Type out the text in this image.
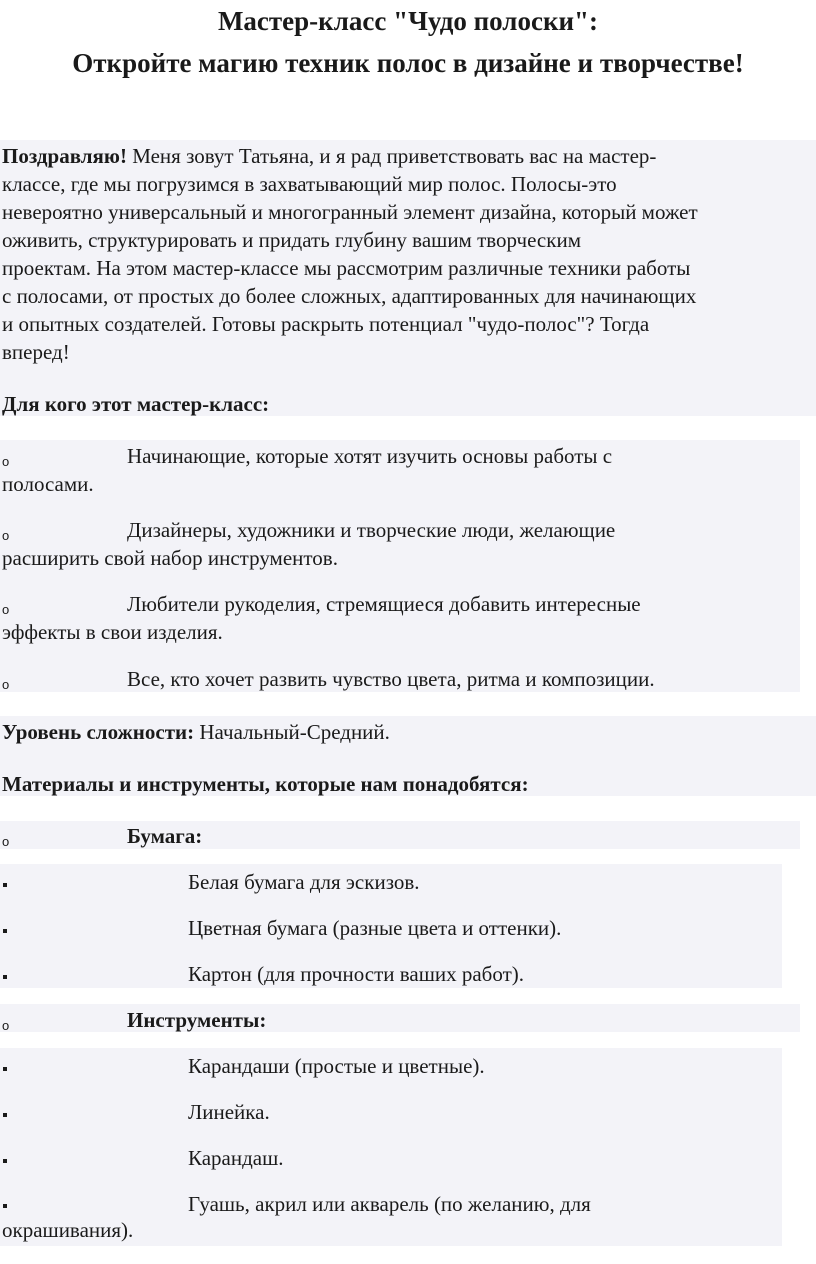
Мастер-класс "Чудо полоски":
Откройте магию техник полос в дизайне и творчестве!

Поздравляю! Меня зовут Татьяна, и я рад приветствовать вас на мастер-

классе, где мы погрузимся в захватывающий мир полос. Полосы-это

невероятно универсальный и многогранный элемент дизайна, который может

оживить, структурировать и придать глубину вашим творческим

проектам. На этом мастер-классе мы рассмотрим различные техники работы

с полосами, от простых до более сложных, адаптированных для начинающих

и опытных создателей. Готовы раскрыть потенциал "чудо-полос"? Тогда

вперед!

Для кого этот мастер-класс:

o	Начинающие, которые хотят изучить основы работы с

полосами.

o	Дизайнеры, художники и творческие люди, желающие

расширить свой набор инструментов.

o	Любители рукоделия, стремящиеся добавить интересные

эффекты в свои изделия.

o	Все, кто хочет развить чувство цвета, ритма и композиции.

Уровень сложности: Начальный-Средний.

Материалы и инструменты, которые нам понадобятся:

o	Бумага:

Белая бумага для эскизов.

Цветная бумага (разные цвета и оттенки).

Картон (для прочности ваших работ).

o	Инструменты:

Карандаши (простые и цветные).

Линейка.

Карандаш.

Гуашь, акрил или акварель (по желанию, для

окрашивания).
